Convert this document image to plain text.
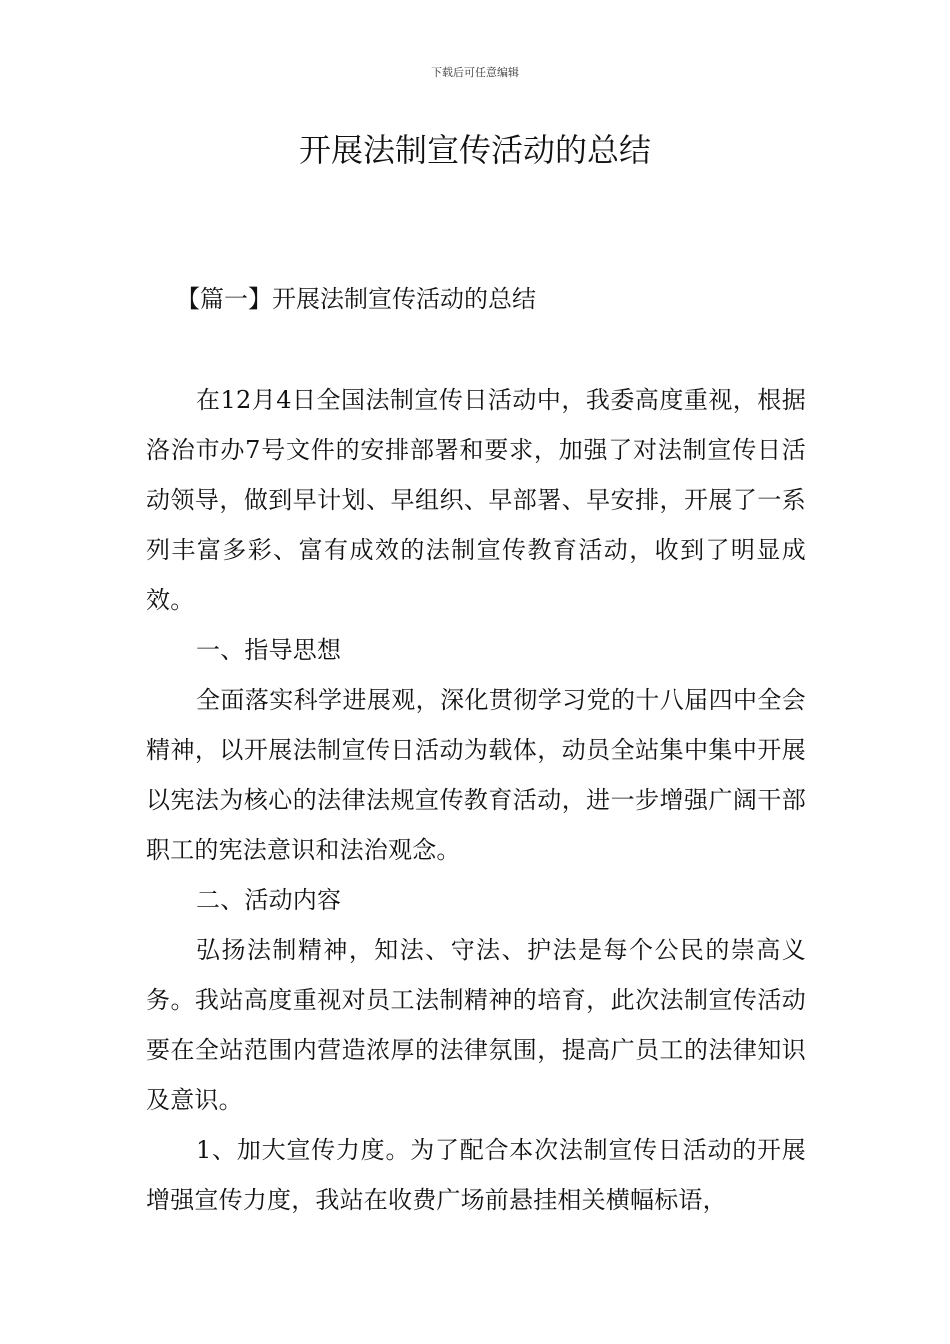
下载后可任意编辑
开展法制宣传活动的总结
【篇一】开展法制宣传活动的总结

在12月4日全国法制宣传日活动中，我委高度重视，根据洛治市办7号文件的安排部署和要求，加强了对法制宣传日活动领导，做到早计划、早组织、早部署、早安排，开展了一系列丰富多彩、富有成效的法制宣传教育活动，收到了明显成效。

一、指导思想

全面落实科学进展观，深化贯彻学习党的十八届四中全会精神，以开展法制宣传日活动为载体，动员全站集中集中开展以宪法为核心的法律法规宣传教育活动，进一步增强广阔干部职工的宪法意识和法治观念。

二、活动内容

弘扬法制精神，知法、守法、护法是每个公民的崇高义务。我站高度重视对员工法制精神的培育，此次法制宣传活动要在全站范围内营造浓厚的法律氛围，提高广员工的法律知识及意识。

1、加大宣传力度。为了配合本次法制宣传日活动的开展增强宣传力度，我站在收费广场前悬挂相关横幅标语，
